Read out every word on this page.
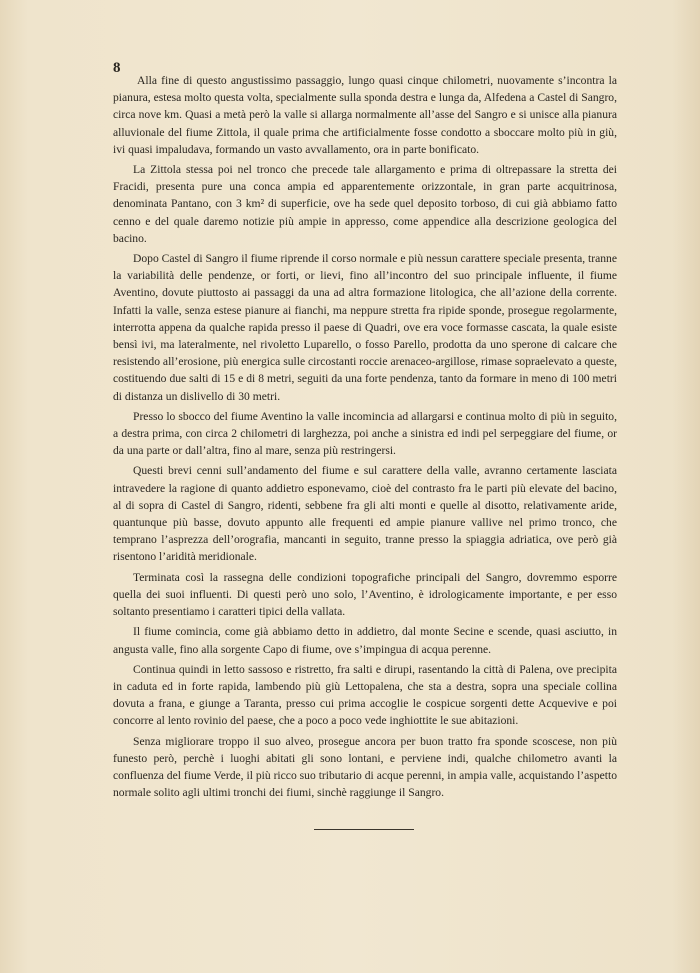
8

Alla fine di questo angustissimo passaggio, lungo quasi cinque chilometri, nuovamente s’incontra la pianura, estesa molto questa volta, specialmente sulla sponda destra e lunga da, Alfedena a Castel di Sangro, circa nove km. Quasi a metà però la valle si allarga normalmente all’asse del Sangro e si unisce alla pianura alluvionale del fiume Zittola, il quale prima che artificialmente fosse condotto a sboccare molto più in giù, ivi quasi impaludava, formando un vasto avvallamento, ora in parte bonificato.

La Zittola stessa poi nel tronco che precede tale allargamento e prima di oltrepassare la stretta dei Fracidi, presenta pure una conca ampia ed apparentemente orizzontale, in gran parte acquitrinosa, denominata Pantano, con 3 km² di superficie, ove ha sede quel deposito torboso, di cui già abbiamo fatto cenno e del quale daremo notizie più ampie in appresso, come appendice alla descrizione geologica del bacino.

Dopo Castel di Sangro il fiume riprende il corso normale e più nessun carattere speciale presenta, tranne la variabilità delle pendenze, or forti, or lievi, fino all’incontro del suo principale influente, il fiume Aventino, dovute piuttosto ai passaggi da una ad altra formazione litologica, che all’azione della corrente. Infatti la valle, senza estese pianure ai fianchi, ma neppure stretta fra ripide sponde, prosegue regolarmente, interrotta appena da qualche rapida presso il paese di Quadri, ove era voce formasse cascata, la quale esiste bensì ivi, ma lateralmente, nel rivoletto Luparello, o fosso Parello, prodotta da uno sperone di calcare che resistendo all’erosione, più energica sulle circostanti roccie arenaceo-argillose, rimase sopraelevato a queste, costituendo due salti di 15 e di 8 metri, seguiti da una forte pendenza, tanto da formare in meno di 100 metri di distanza un dislivello di 30 metri.

Presso lo sbocco del fiume Aventino la valle incomincia ad allargarsi e continua molto di più in seguito, a destra prima, con circa 2 chilometri di larghezza, poi anche a sinistra ed indi pel serpeggiare del fiume, or da una parte or dall’altra, fino al mare, senza più restringersi.

Questi brevi cenni sull’andamento del fiume e sul carattere della valle, avranno certamente lasciata intravedere la ragione di quanto addietro esponevamo, cioè del contrasto fra le parti più elevate del bacino, al di sopra di Castel di Sangro, ridenti, sebbene fra gli alti monti e quelle al disotto, relativamente aride, quantunque più basse, dovuto appunto alle frequenti ed ampie pianure vallive nel primo tronco, che temprano l’asprezza dell’orografia, mancanti in seguito, tranne presso la spiaggia adriatica, ove però già risentono l’aridità meridionale.

Terminata così la rassegna delle condizioni topografiche principali del Sangro, dovremmo esporre quella dei suoi influenti. Di questi però uno solo, l’Aventino, è idrologicamente importante, e per esso soltanto presentiamo i caratteri tipici della vallata.

Il fiume comincia, come già abbiamo detto in addietro, dal monte Secine e scende, quasi asciutto, in angusta valle, fino alla sorgente Capo di fiume, ove s’impingua di acqua perenne.

Continua quindi in letto sassoso e ristretto, fra salti e dirupi, rasentando la città di Palena, ove precipita in caduta ed in forte rapida, lambendo più giù Lettopalena, che sta a destra, sopra una speciale collina dovuta a frana, e giunge a Taranta, presso cui prima accoglie le cospicue sorgenti dette Acquevive e poi concorre al lento rovinio del paese, che a poco a poco vede inghiottite le sue abitazioni.

Senza migliorare troppo il suo alveo, prosegue ancora per buon tratto fra sponde scoscese, non più funesto però, perchè i luoghi abitati gli sono lontani, e perviene indi, qualche chilometro avanti la confluenza del fiume Verde, il più ricco suo tributario di acque perenni, in ampia valle, acquistando l’aspetto normale solito agli ultimi tronchi dei fiumi, sinchè raggiunge il Sangro.
